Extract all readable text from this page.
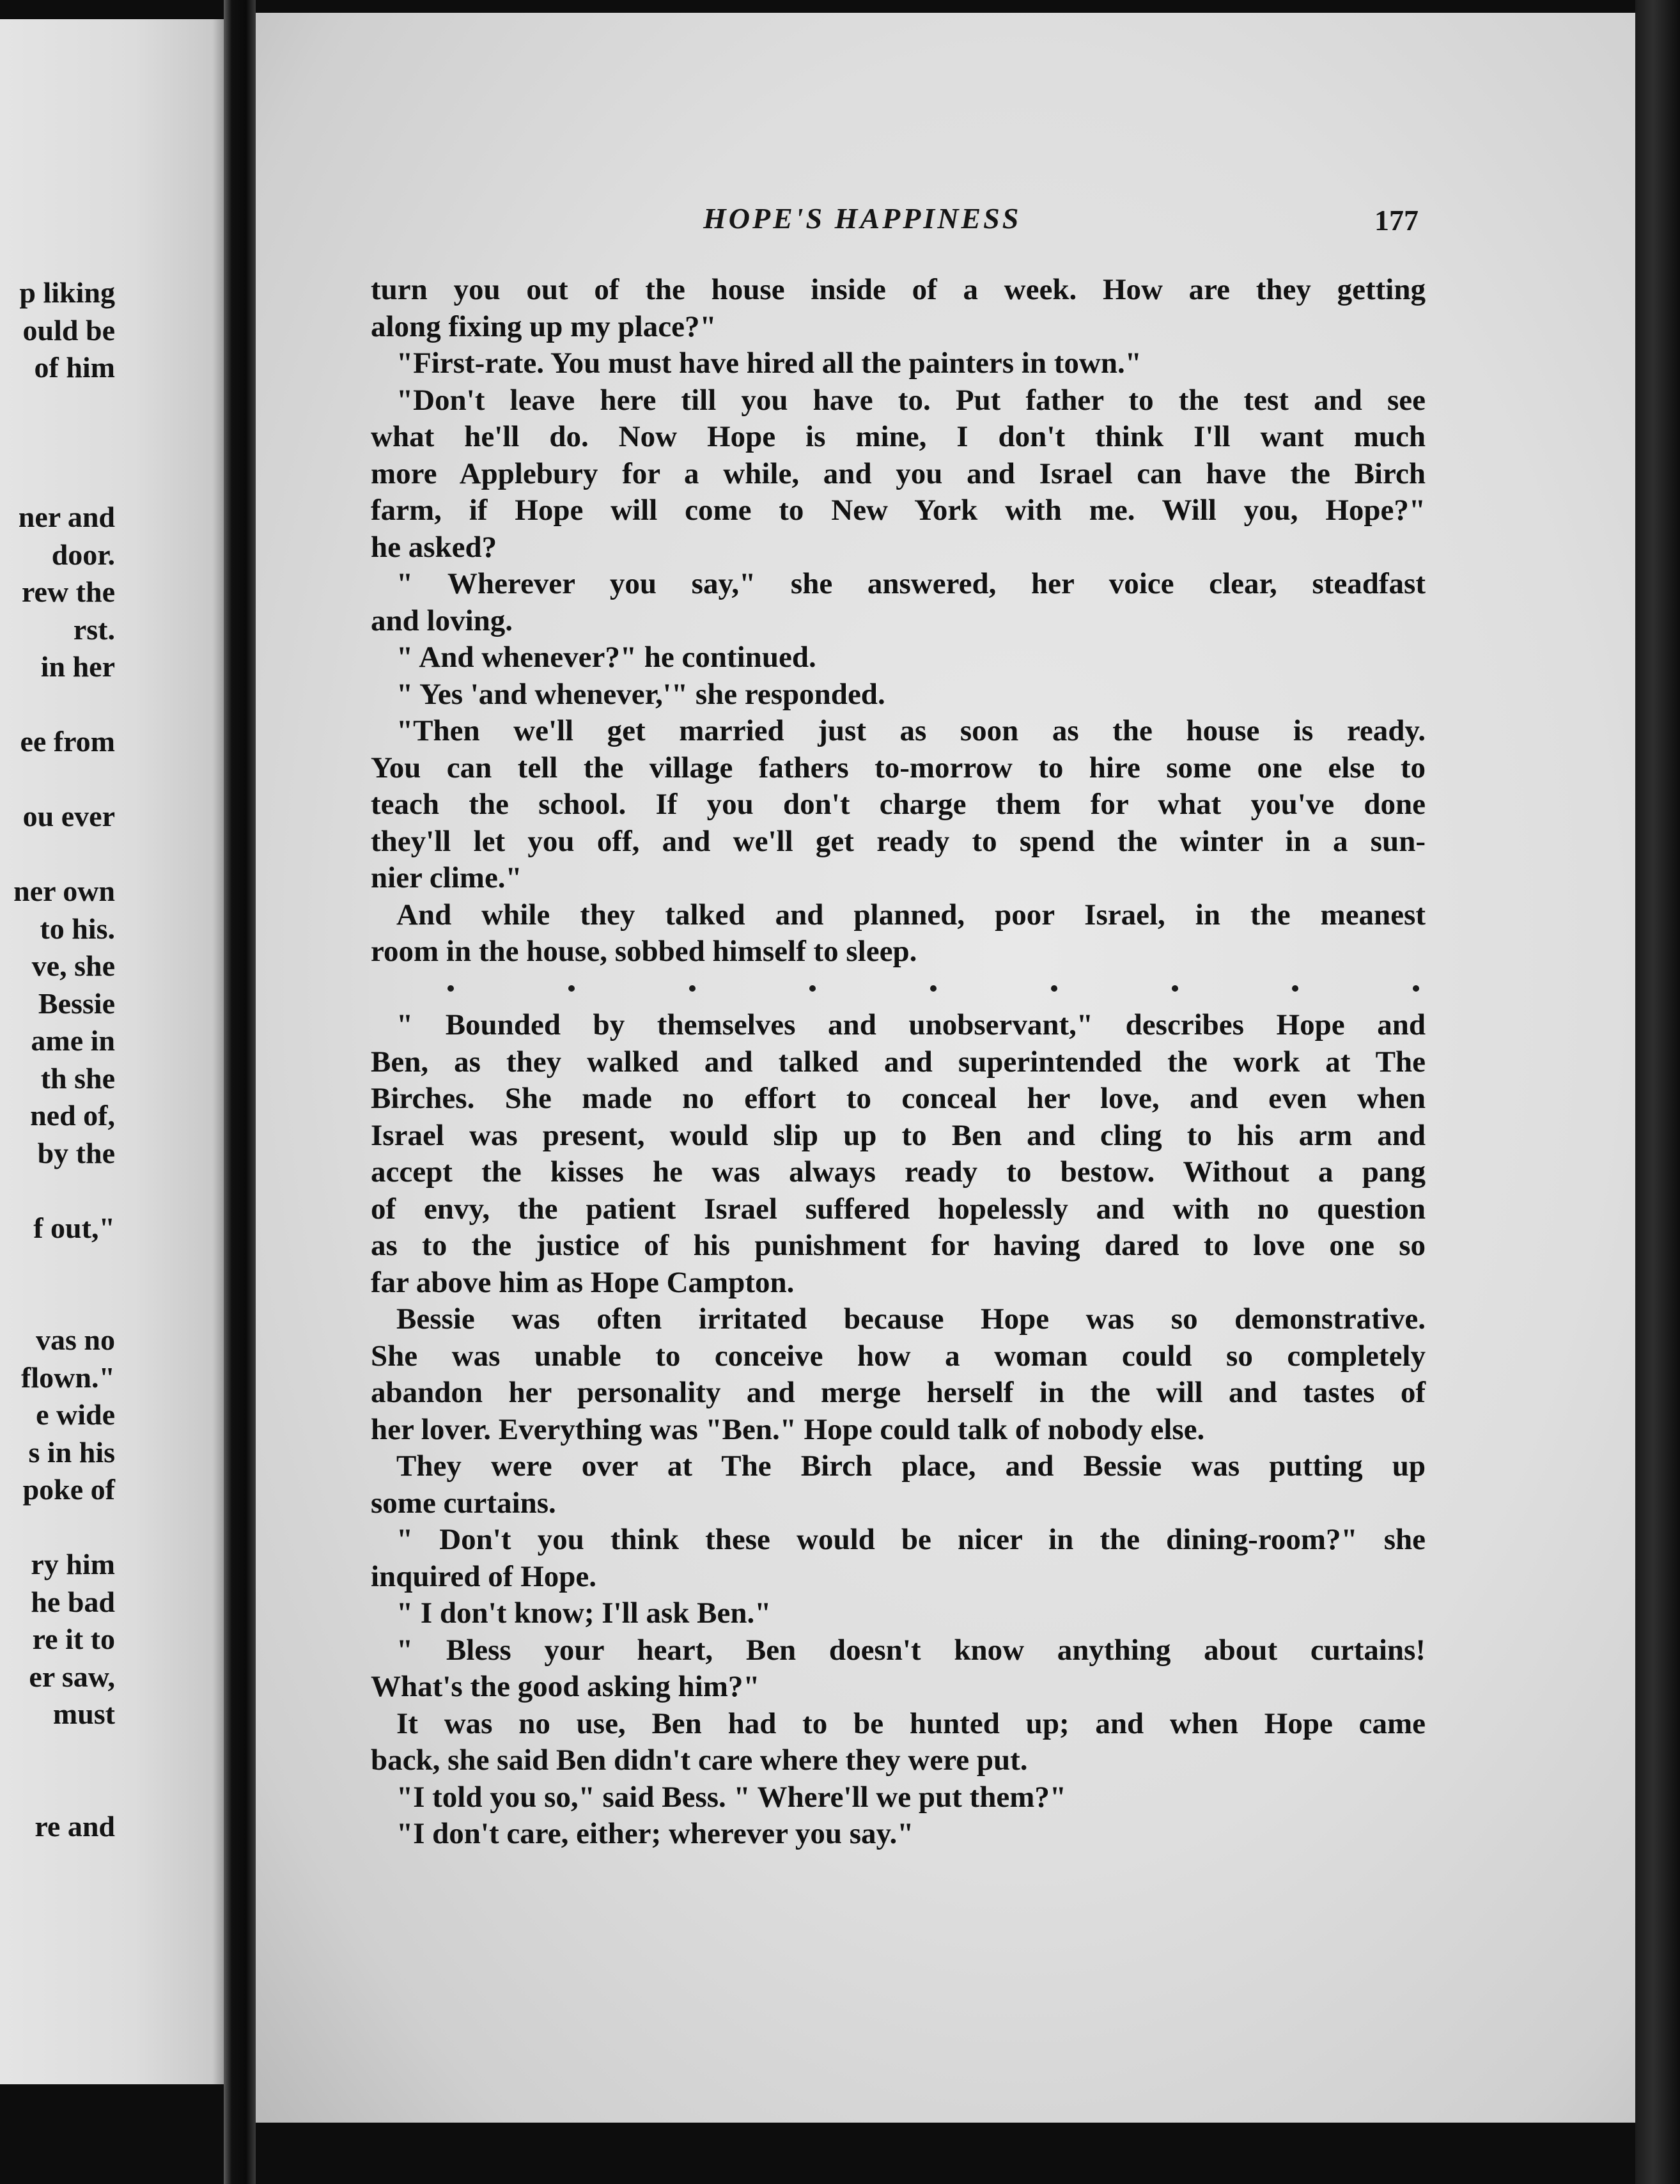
p liking
ould be
of him
ner and
door.
rew the
rst.
in her
ee from
ou ever
ner own
to his.
ve, she
Bessie
ame in
th she
ned of,
by the
f out,"
vas no
flown."
e wide
s in his
poke of
ry him
he bad
re it to
er saw,
must
re and
HOPE'S HAPPINESS	177
turn you out of the house inside of a week. How are they getting
along fixing up my place?"
"First-rate. You must have hired all the painters in town."
"Don't leave here till you have to. Put father to the test and see
what he'll do. Now Hope is mine, I don't think I'll want much
more Applebury for a while, and you and Israel can have the Birch
farm, if Hope will come to New York with me. Will you, Hope?"
he asked?
" Wherever you say," she answered, her voice clear, steadfast
and loving.
" And whenever?" he continued.
" Yes 'and whenever,'" she responded.
"Then we'll get married just as soon as the house is ready.
You can tell the village fathers to-morrow to hire some one else to
teach the school. If you don't charge them for what you've done
they'll let you off, and we'll get ready to spend the winter in a sun-
nier clime."
And while they talked and planned, poor Israel, in the meanest
room in the house, sobbed himself to sleep.
" Bounded by themselves and unobservant," describes Hope and
Ben, as they walked and talked and superintended the work at The
Birches. She made no effort to conceal her love, and even when
Israel was present, would slip up to Ben and cling to his arm and
accept the kisses he was always ready to bestow. Without a pang
of envy, the patient Israel suffered hopelessly and with no question
as to the justice of his punishment for having dared to love one so
far above him as Hope Campton.
Bessie was often irritated because Hope was so demonstrative.
She was unable to conceive how a woman could so completely
abandon her personality and merge herself in the will and tastes of
her lover. Everything was "Ben." Hope could talk of nobody else.
They were over at The Birch place, and Bessie was putting up
some curtains.
" Don't you think these would be nicer in the dining-room?" she
inquired of Hope.
" I don't know; I'll ask Ben."
" Bless your heart, Ben doesn't know anything about curtains!
What's the good asking him?"
It was no use, Ben had to be hunted up; and when Hope came
back, she said Ben didn't care where they were put.
"I told you so," said Bess. " Where'll we put them?"
"I don't care, either; wherever you say."
